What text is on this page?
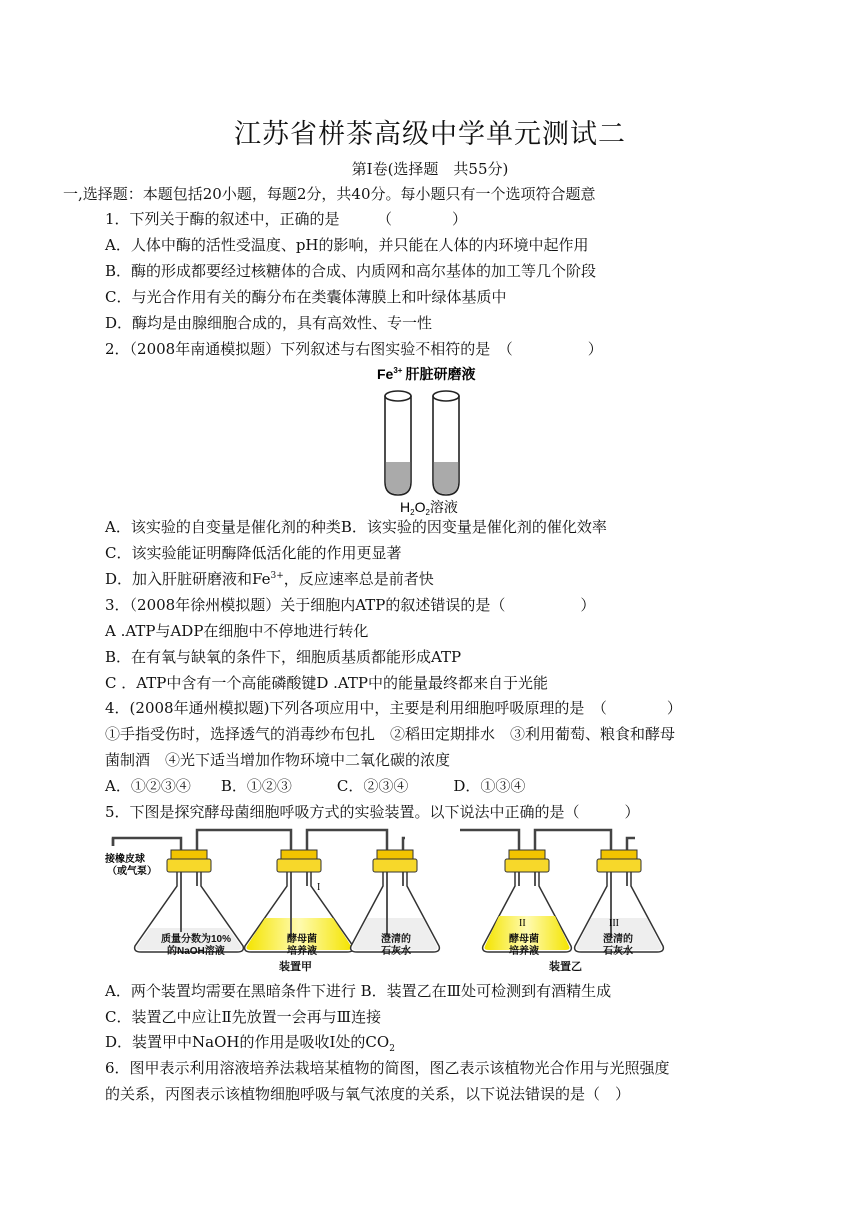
江苏省栟茶高级中学单元测试二
第Ⅰ卷(选择题　共55分)
一,选择题：本题包括20小题，每题2分，共40分。每小题只有一个选项符合题意
1．下列关于酶的叙述中，正确的是　　　（　　　　）
A．人体中酶的活性受温度、pH的影响，并只能在人体的内环境中起作用
B．酶的形成都要经过核糖体的合成、内质网和高尔基体的加工等几个阶段
C．与光合作用有关的酶分布在类囊体薄膜上和叶绿体基质中
D．酶均是由腺细胞合成的，具有高效性、专一性
2．（2008年南通模拟题）下列叙述与右图实验不相符的是　（　　　　　）
$Fe^{3+}$ 肝脏研磨液
$H_2O_2$溶液
A．该实验的自变量是催化剂的种类B．该实验的因变量是催化剂的催化效率
C．该实验能证明酶降低活化能的作用更显著
D．加入肝脏研磨液和$Fe^{3+}$，反应速率总是前者快
3．（2008年徐州模拟题）关于细胞内ATP的叙述错误的是（　　　　　）
A .ATP与ADP在细胞中不停地进行转化
B．在有氧与缺氧的条件下，细胞质基质都能形成ATP
C ．ATP中含有一个高能磷酸键D .ATP中的能量最终都来自于光能
4．(2008年通州模拟题)下列各项应用中，主要是利用细胞呼吸原理的是　（　　　　）
①手指受伤时，选择透气的消毒纱布包扎　②稻田定期排水　③利用葡萄、粮食和酵母
菌制酒　④光下适当增加作物环境中二氧化碳的浓度
A．①②③④　　B．①②③　　　C．②③④　　　D．①③④
5．下图是探究酵母菌细胞呼吸方式的实验装置。以下说法中正确的是（　　　）
接橡皮球
（或气泵）
I
II	III
质量分数为10%
的NaOH溶液
酵母菌
培养液
澄清的
石灰水
酵母菌
培养液
澄清的
石灰水
装置甲	装置乙
A．两个装置均需要在黑暗条件下进行 B．装置乙在Ⅲ处可检测到有酒精生成
C．装置乙中应让Ⅱ先放置一会再与Ⅲ连接
D．装置甲中NaOH的作用是吸收Ⅰ处的$CO_2$
6．图甲表示利用溶液培养法栽培某植物的简图，图乙表示该植物光合作用与光照强度
的关系，丙图表示该植物细胞呼吸与氧气浓度的关系，以下说法错误的是（　）
